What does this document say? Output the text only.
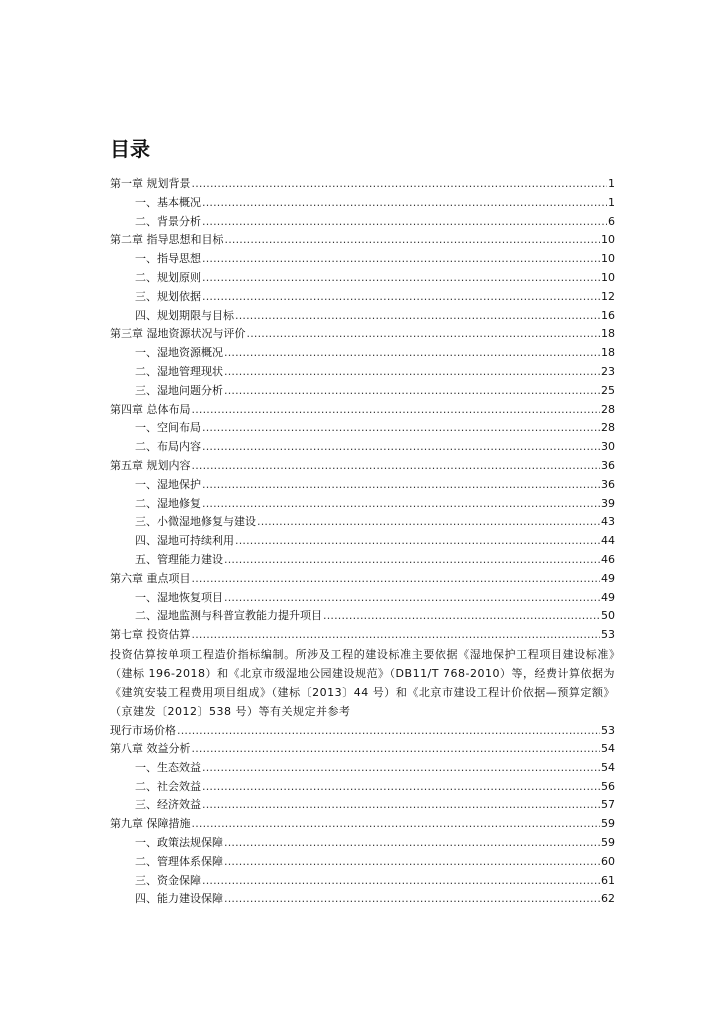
目录
第一章 规划背景 .....	1
一、基本概况 .....	1
二、背景分析 .....	6
第二章 指导思想和目标 .....	10
一、指导思想 .....	10
二、规划原则 .....	10
三、规划依据 .....	12
四、规划期限与目标 .....	16
第三章 湿地资源状况与评价 .....	18
一、湿地资源概况 .....	18
二、湿地管理现状 .....	23
三、湿地问题分析 .....	25
第四章 总体布局 .....	28
一、空间布局 .....	28
二、布局内容 .....	30
第五章 规划内容 .....	36
一、湿地保护 .....	36
二、湿地修复 .....	39
三、小微湿地修复与建设 .....	43
四、湿地可持续利用 .....	44
五、管理能力建设 .....	46
第六章 重点项目 .....	49
一、湿地恢复项目 .....	49
二、湿地监测与科普宣教能力提升项目 .....	50
第七章 投资估算 .....	53
投资估算按单项工程造价指标编制。所涉及工程的建设标准主要依据《湿地保护工程项目建设标准》（建标 196-2018）和《北京市级湿地公园建设规范》（DB11/T 768-2010）等，经费计算依据为《建筑安装工程费用项目组成》（建标〔2013〕44 号）和《北京市建设工程计价依据—预算定额》（京建发〔2012〕538 号）等有关规定并参考
现行市场价格 .....	53
第八章 效益分析 .....	54
一、生态效益 .....	54
二、社会效益 .....	56
三、经济效益 .....	57
第九章 保障措施 .....	59
一、政策法规保障 .....	59
二、管理体系保障 .....	60
三、资金保障 .....	61
四、能力建设保障 .....	62
